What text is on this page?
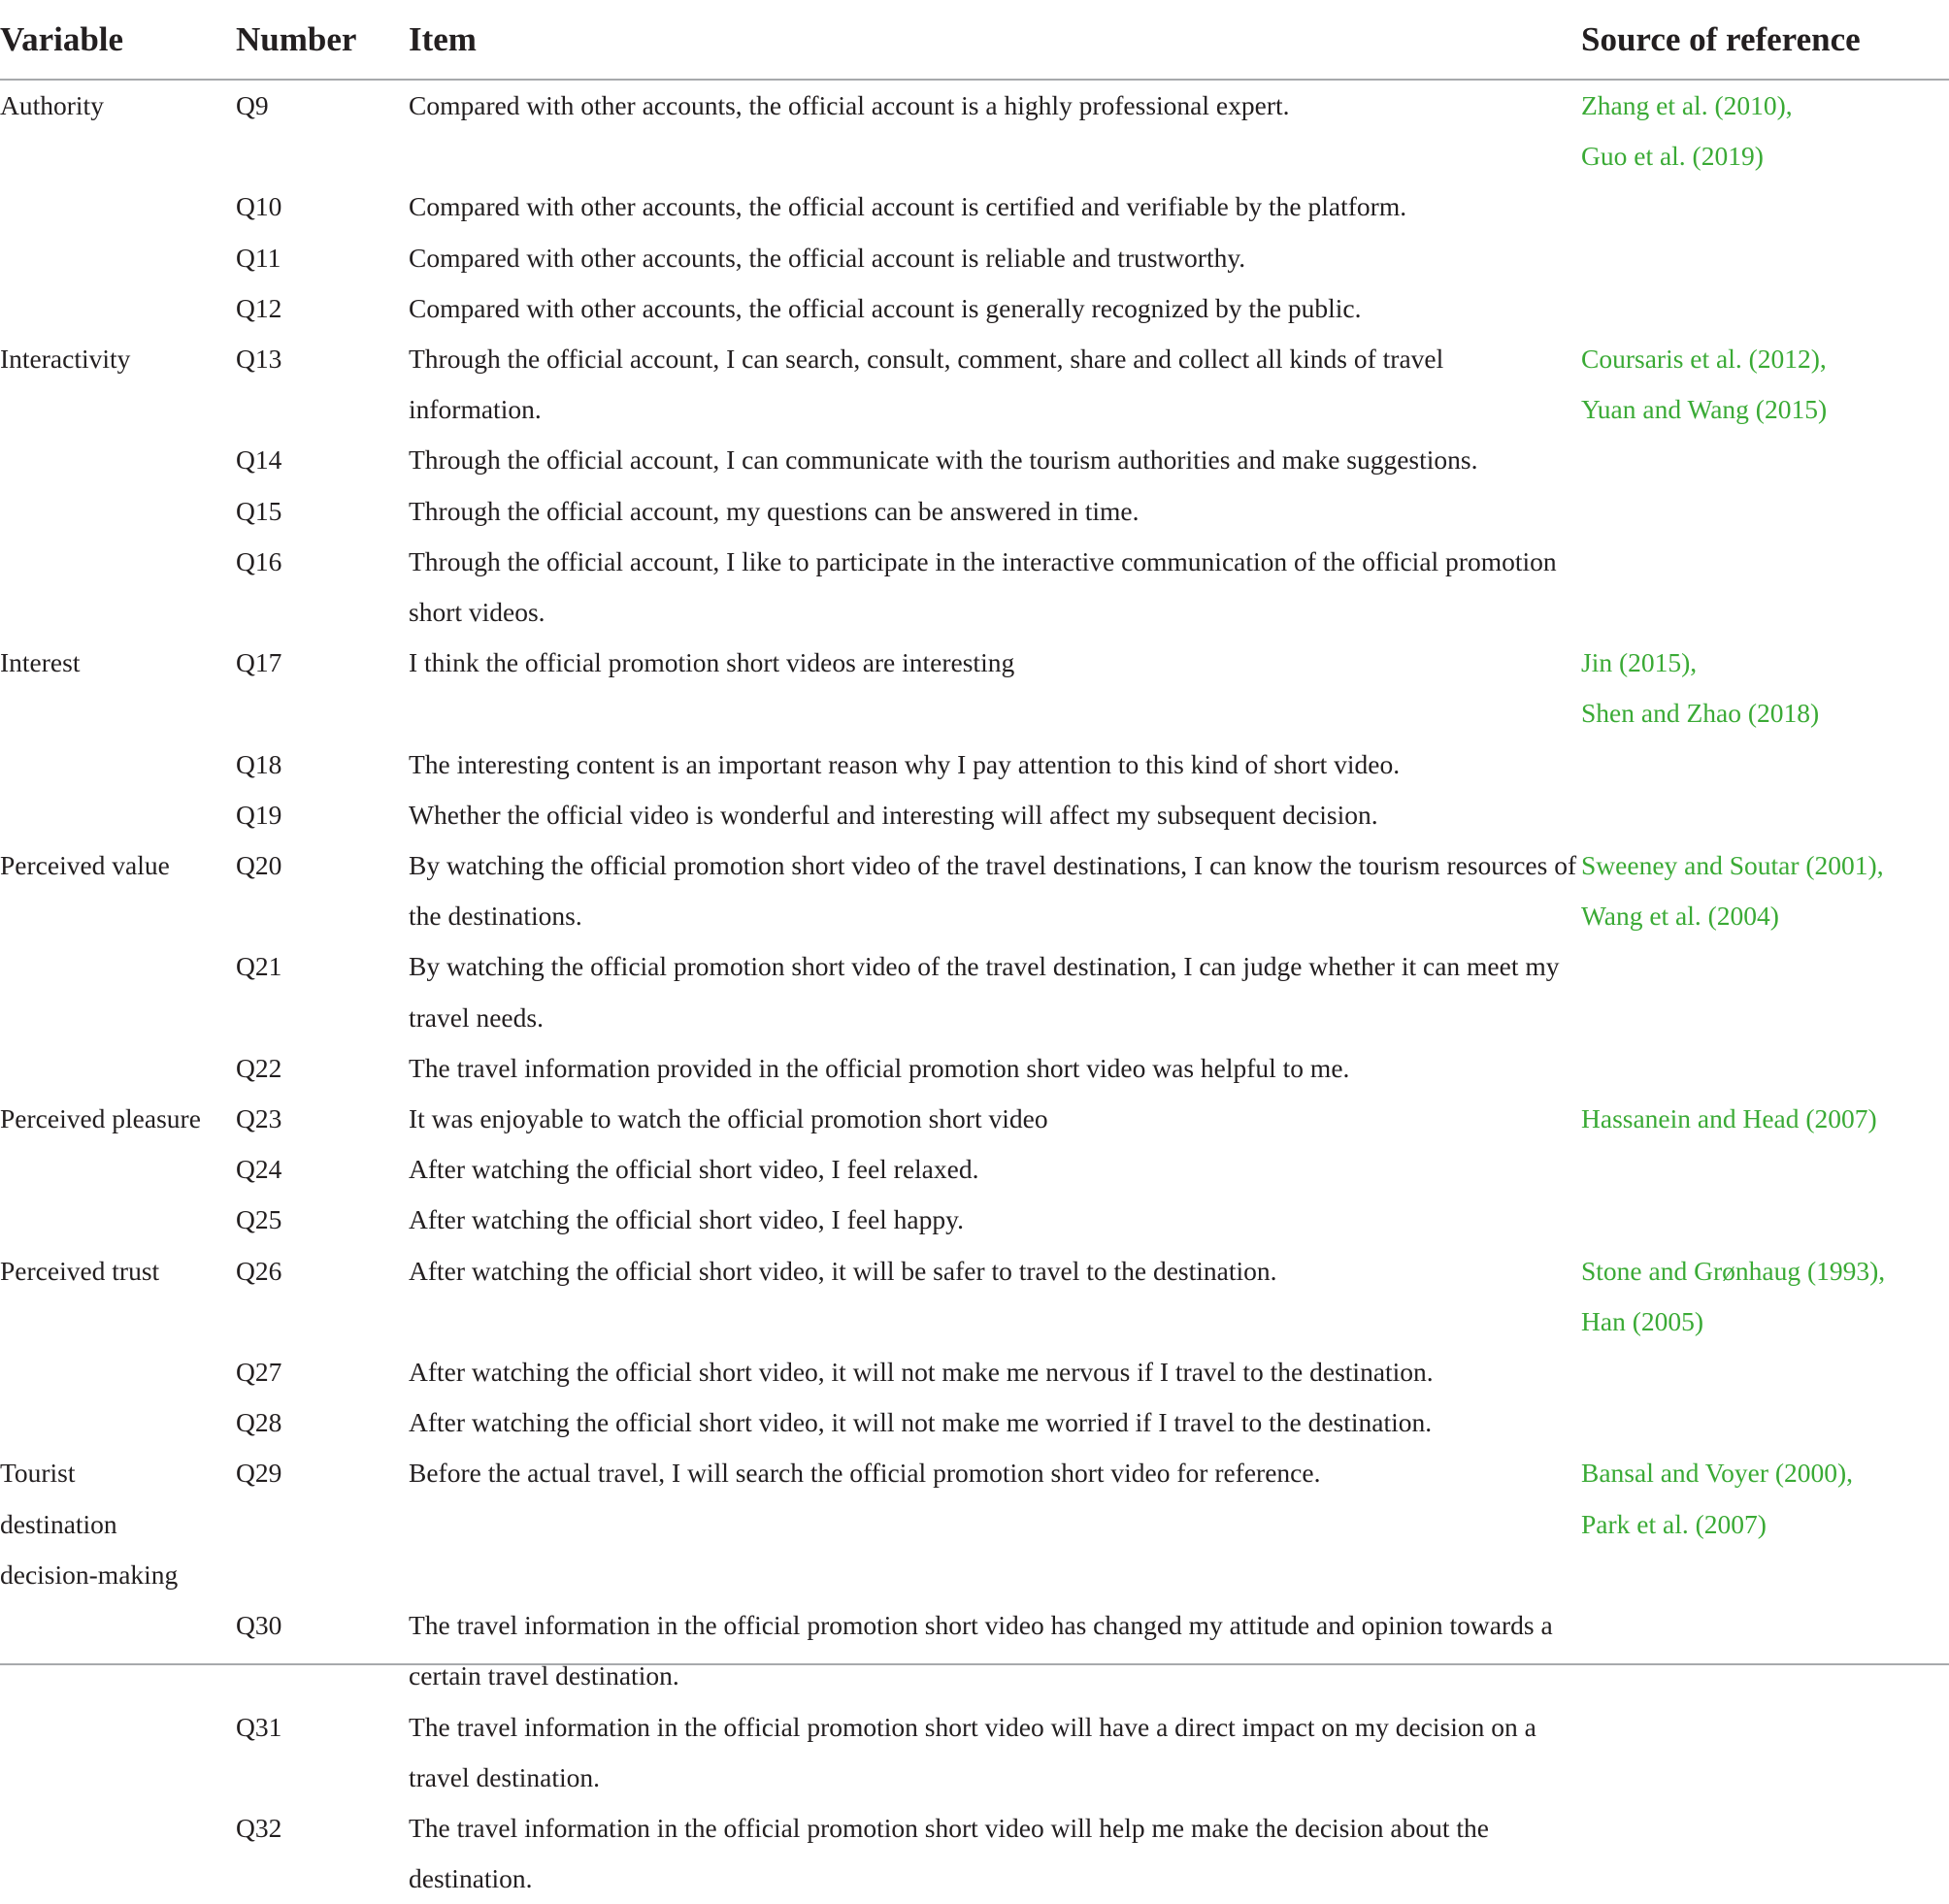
Variable	Number	Item	Source of reference

Authority	Q9	Compared with other accounts, the official account is a highly professional expert.	Zhang et al. (2010),
Guo et al. (2019)

	Q10	Compared with other accounts, the official account is certified and verifiable by the platform.	
	Q11	Compared with other accounts, the official account is reliable and trustworthy.	
	Q12	Compared with other accounts, the official account is generally recognized by the public.	

Interactivity	Q13	Through the official account, I can search, consult, comment, share and collect all kinds of travel information.	Coursaris et al. (2012),
Yuan and Wang (2015)

	Q14	Through the official account, I can communicate with the tourism authorities and make suggestions.	
	Q15	Through the official account, my questions can be answered in time.	
	Q16	Through the official account, I like to participate in the interactive communication of the official promotion short videos.	

Interest	Q17	I think the official promotion short videos are interesting	Jin (2015),
Shen and Zhao (2018)

	Q18	The interesting content is an important reason why I pay attention to this kind of short video.	
	Q19	Whether the official video is wonderful and interesting will affect my subsequent decision.	

Perceived value	Q20	By watching the official promotion short video of the travel destinations, I can know the tourism resources of the destinations.	Sweeney and Soutar (2001),
Wang et al. (2004)

	Q21	By watching the official promotion short video of the travel destination, I can judge whether it can meet my travel needs.	
	Q22	The travel information provided in the official promotion short video was helpful to me.	

Perceived pleasure	Q23	It was enjoyable to watch the official promotion short video	Hassanein and Head (2007)

	Q24	After watching the official short video, I feel relaxed.	
	Q25	After watching the official short video, I feel happy.	

Perceived trust	Q26	After watching the official short video, it will be safer to travel to the destination.	Stone and Grønhaug (1993),
Han (2005)

	Q27	After watching the official short video, it will not make me nervous if I travel to the destination.	
	Q28	After watching the official short video, it will not make me worried if I travel to the destination.	

Tourist
destination
decision-making	Q29	Before the actual travel, I will search the official promotion short video for reference.	Bansal and Voyer (2000),
Park et al. (2007)

	Q30	The travel information in the official promotion short video has changed my attitude and opinion towards a certain travel destination.	
	Q31	The travel information in the official promotion short video will have a direct impact on my decision on a travel destination.	
	Q32	The travel information in the official promotion short video will help me make the decision about the destination.	
